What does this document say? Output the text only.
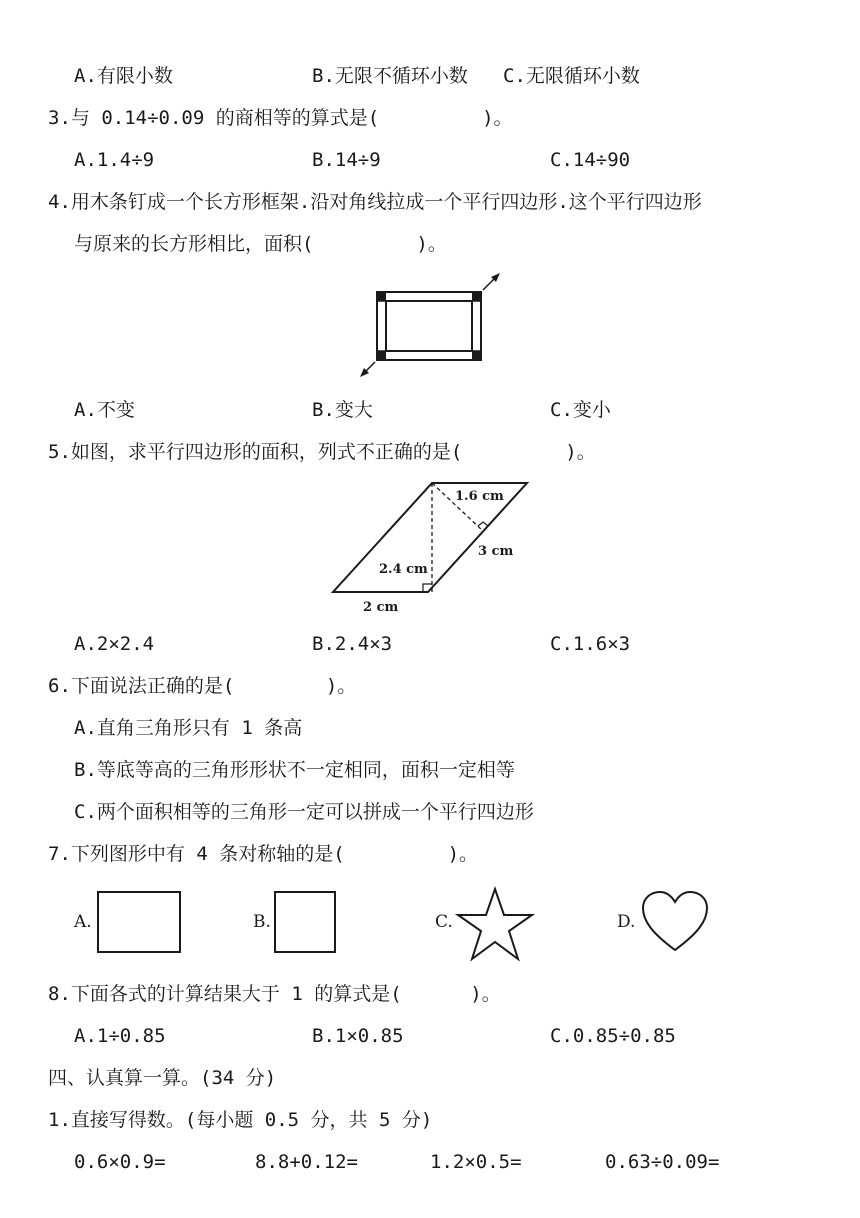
A.有限小数	B.无限不循环小数 C.无限循环小数
3.与 0.14÷0.09 的商相等的算式是(         )。
A.1.4÷9	B.14÷9	C.14÷90
4.用木条钉成一个长方形框架.沿对角线拉成一个平行四边形.这个平行四边形
与原来的长方形相比，面积(         )。
A.不变	B.变大	C.变小
5.如图，求平行四边形的面积，列式不正确的是(         )。
1.6 cm
3 cm
2.4 cm
2 cm
A.2×2.4	B.2.4×3	C.1.6×3
6.下面说法正确的是(        )。
A.直角三角形只有 1 条高
B.等底等高的三角形形状不一定相同，面积一定相等
C.两个面积相等的三角形一定可以拼成一个平行四边形
7.下列图形中有 4 条对称轴的是(         )。
A.	B.	C.	D.
8.下面各式的计算结果大于 1 的算式是(      )。
A.1÷0.85	B.1×0.85	C.0.85÷0.85
四、认真算一算。(34 分)
1.直接写得数。(每小题 0.5 分，共 5 分)
0.6×0.9=	8.8+0.12=	1.2×0.5=	0.63÷0.09=
